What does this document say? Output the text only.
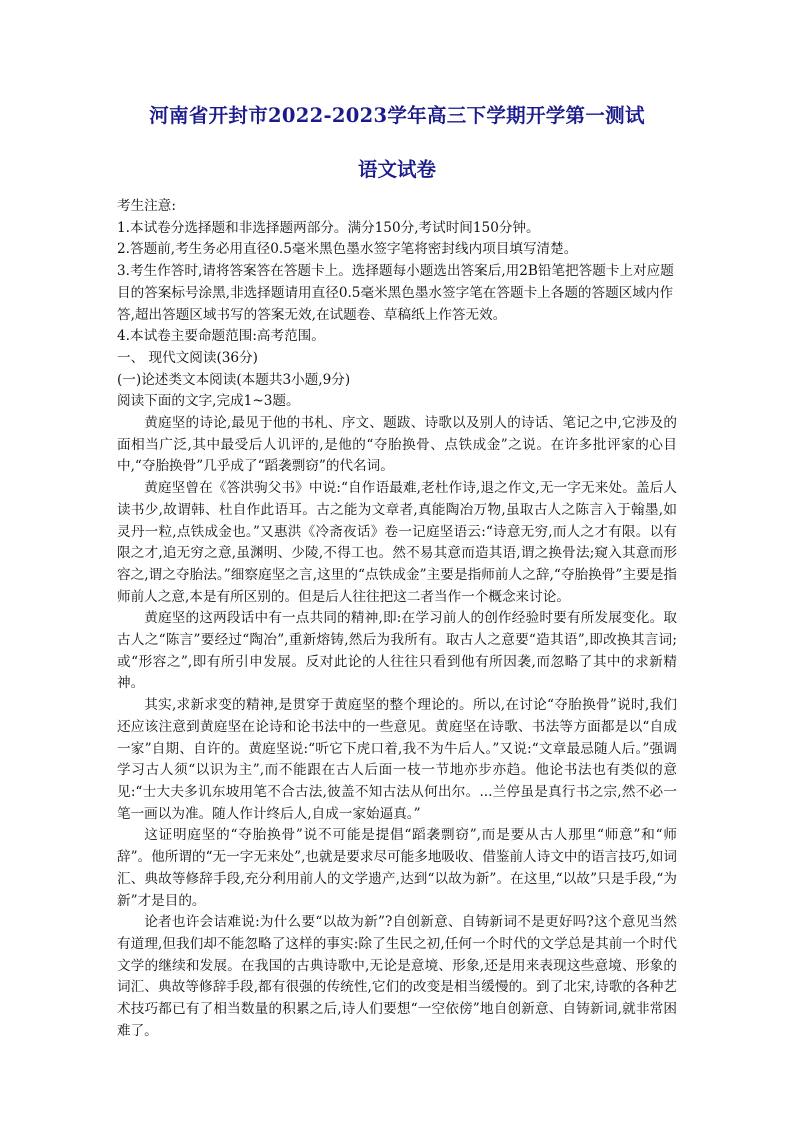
河南省开封市2022-2023学年高三下学期开学第一测试
语文试卷
考生注意:
1.本试卷分选择题和非选择题两部分。满分150分,考试时间150分钟。
2.答题前,考生务必用直径0.5毫米黑色墨水签字笔将密封线内项目填写清楚。
3.考生作答时,请将答案答在答题卡上。选择题每小题选出答案后,用2B铅笔把答题卡上对应题目的答案标号涂黑,非选择题请用直径0.5毫米黑色墨水签字笔在答题卡上各题的答题区域内作答,超出答题区域书写的答案无效,在试题卷、草稿纸上作答无效。
4.本试卷主要命题范围:高考范围。
一、 现代文阅读(36分)
(一)论述类文本阅读(本题共3小题,9分)
阅读下面的文字,完成1~3题。

黄庭坚的诗论,最见于他的书札、序文、题跋、诗歌以及别人的诗话、笔记之中,它涉及的面相当广泛,其中最受后人讥评的,是他的“夺胎换骨、点铁成金”之说。在许多批评家的心目中,“夺胎换骨”几乎成了“蹈袭剽窃”的代名词。

黄庭坚曾在《答洪驹父书》中说:“自作语最难,老杜作诗,退之作文,无一字无来处。盖后人读书少,故谓韩、杜自作此语耳。古之能为文章者,真能陶冶万物,虽取古人之陈言入于翰墨,如灵丹一粒,点铁成金也。”又惠洪《冷斋夜话》卷一记庭坚语云:“诗意无穷,而人之才有限。以有限之才,追无穷之意,虽渊明、少陵,不得工也。然不易其意而造其语,谓之换骨法;窥入其意而形容之,谓之夺胎法。”细察庭坚之言,这里的“点铁成金”主要是指师前人之辞,“夺胎换骨”主要是指师前人之意,本是有所区别的。但是后人往往把这二者当作一个概念来讨论。

黄庭坚的这两段话中有一点共同的精神,即:在学习前人的创作经验时要有所发展变化。取古人之“陈言”要经过“陶冶”,重新熔铸,然后为我所有。取古人之意要“造其语”,即改换其言词;或“形容之”,即有所引申发展。反对此论的人往往只看到他有所因袭,而忽略了其中的求新精神。

其实,求新求变的精神,是贯穿于黄庭坚的整个理论的。所以,在讨论“夺胎换骨”说时,我们还应该注意到黄庭坚在论诗和论书法中的一些意见。黄庭坚在诗歌、书法等方面都是以“自成一家”自期、自许的。黄庭坚说:“听它下虎口着,我不为牛后人。”又说:“文章最忌随人后。”强调学习古人须“以识为主”,而不能跟在古人后面一枝一节地亦步亦趋。他论书法也有类似的意见:“士大夫多讥东坡用笔不合古法,彼盖不知古法从何出尔。...兰停虽是真行书之宗,然不必一笔一画以为准。随人作计终后人,自成一家始逼真。”

这证明庭坚的“夺胎换骨”说不可能是提倡“蹈袭剽窃”,而是要从古人那里“师意”和“师辞”。他所谓的“无一字无来处”,也就是要求尽可能多地吸收、借鉴前人诗文中的语言技巧,如词汇、典故等修辞手段,充分利用前人的文学遗产,达到“以故为新”。在这里,“以故”只是手段,“为新”才是目的。

论者也许会诘难说:为什么要“以故为新”?自创新意、自铸新词不是更好吗?这个意见当然有道理,但我们却不能忽略了这样的事实:除了生民之初,任何一个时代的文学总是其前一个时代文学的继续和发展。在我国的古典诗歌中,无论是意境、形象,还是用来表现这些意境、形象的词汇、典故等修辞手段,都有很强的传统性,它们的改变是相当缓慢的。到了北宋,诗歌的各种艺术技巧都已有了相当数量的积累之后,诗人们要想“一空依傍”地自创新意、自铸新词,就非常困难了。
